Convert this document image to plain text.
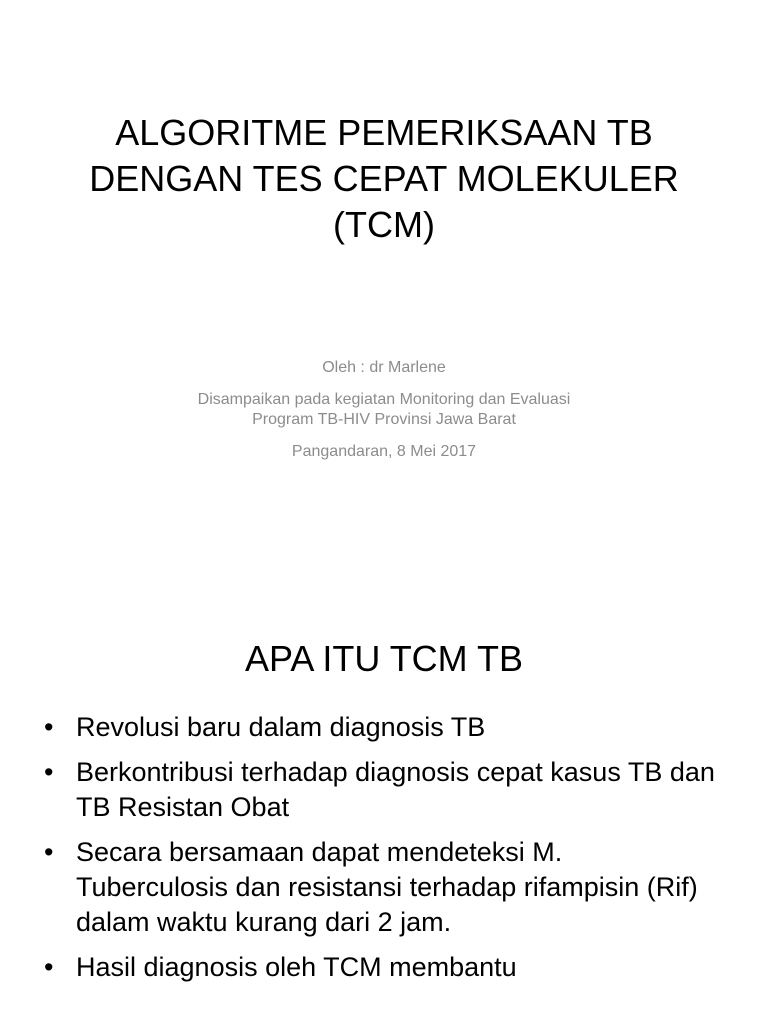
ALGORITME PEMERIKSAAN TB DENGAN TES CEPAT MOLEKULER (TCM)

Oleh : dr Marlene

Disampaikan pada kegiatan Monitoring dan Evaluasi
Program TB-HIV Provinsi Jawa Barat

Pangandaran, 8 Mei 2017

APA ITU TCM TB
• Revolusi baru dalam diagnosis TB
• Berkontribusi terhadap diagnosis cepat kasus TB dan TB Resistan Obat
• Secara bersamaan dapat mendeteksi M. Tuberculosis dan resistansi terhadap rifampisin (Rif) dalam waktu kurang dari 2 jam.
• Hasil diagnosis oleh TCM membantu
